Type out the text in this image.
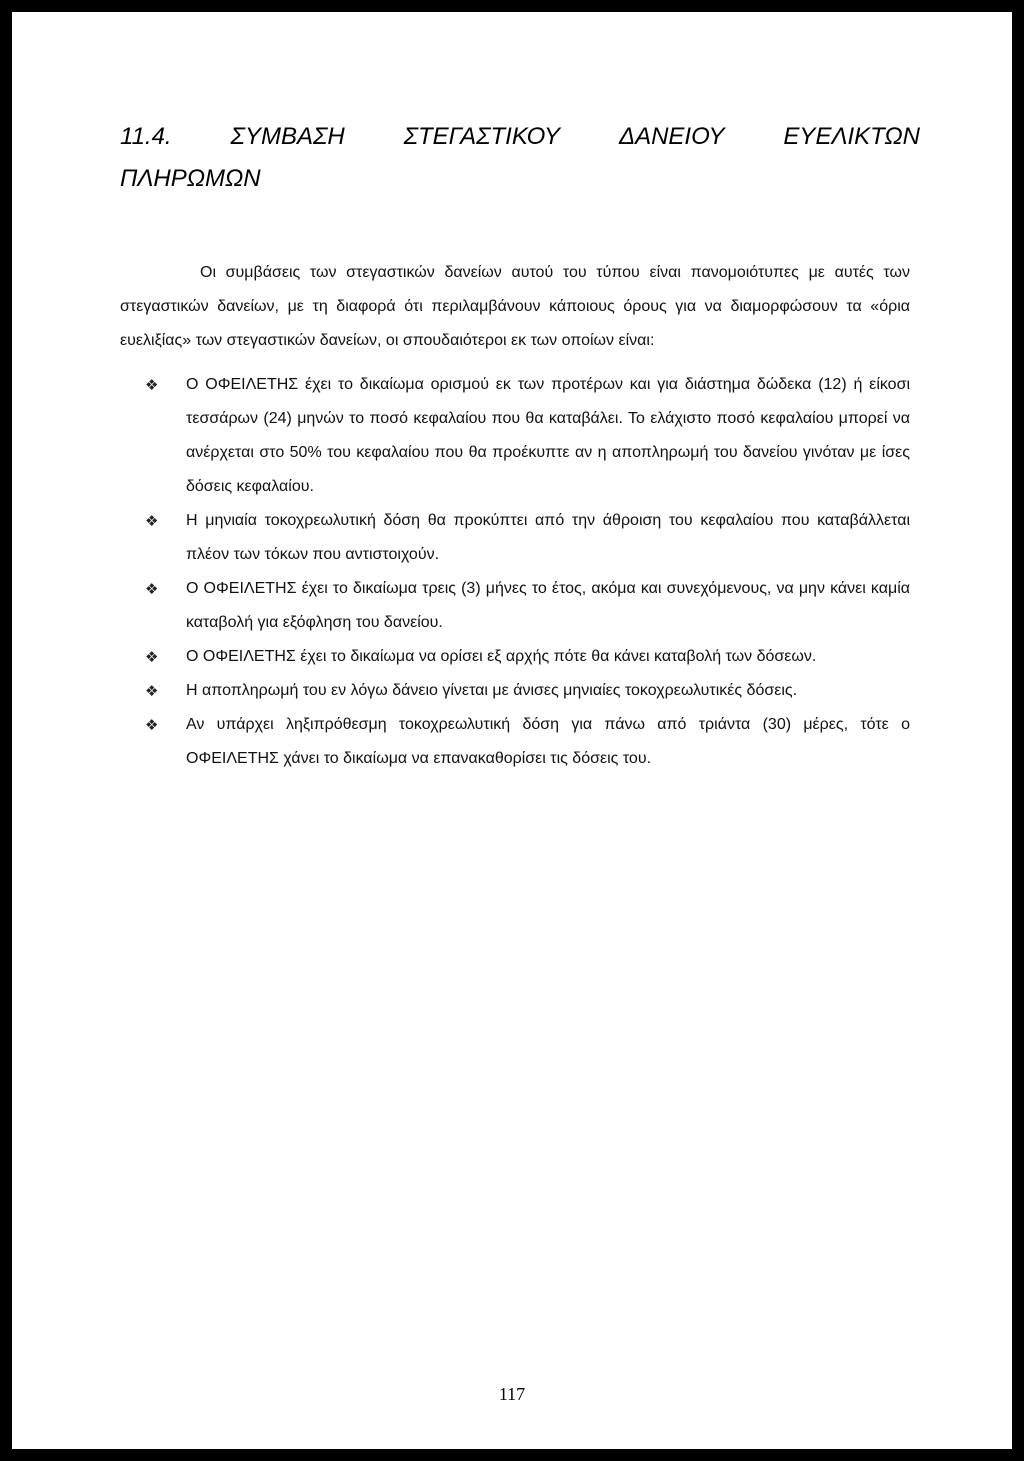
11.4. ΣΥΜΒΑΣΗ ΣΤΕΓΑΣΤΙΚΟΥ ΔΑΝΕΙΟΥ ΕΥΕΛΙΚΤΩΝ
ΠΛΗΡΩΜΩΝ

Οι συμβάσεις των στεγαστικών δανείων αυτού του τύπου είναι πανομοιότυπες με αυτές των στεγαστικών δανείων, με τη διαφορά ότι περιλαμβάνουν κάποιους όρους για να διαμορφώσουν τα «όρια ευελιξίας» των στεγαστικών δανείων, οι σπουδαιότεροι εκ των οποίων είναι:

❖ Ο ΟΦΕΙΛΕΤΗΣ έχει το δικαίωμα ορισμού εκ των προτέρων και για διάστημα δώδεκα (12) ή είκοσι τεσσάρων (24) μηνών το ποσό κεφαλαίου που θα καταβάλει. Το ελάχιστο ποσό κεφαλαίου μπορεί να ανέρχεται στο 50% του κεφαλαίου που θα προέκυπτε αν η αποπληρωμή του δανείου γινόταν με ίσες δόσεις κεφαλαίου.
❖ Η μηνιαία τοκοχρεωλυτική δόση θα προκύπτει από την άθροιση του κεφαλαίου που καταβάλλεται πλέον των τόκων που αντιστοιχούν.
❖ Ο ΟΦΕΙΛΕΤΗΣ έχει το δικαίωμα τρεις (3) μήνες το έτος, ακόμα και συνεχόμενους, να μην κάνει καμία καταβολή για εξόφληση του δανείου.
❖ Ο ΟΦΕΙΛΕΤΗΣ έχει το δικαίωμα να ορίσει εξ αρχής πότε θα κάνει καταβολή των δόσεων.
❖ Η αποπληρωμή του εν λόγω δάνειο γίνεται με άνισες μηνιαίες τοκοχρεωλυτικές δόσεις.
❖ Αν υπάρχει ληξιπρόθεσμη τοκοχρεωλυτική δόση για πάνω από τριάντα (30) μέρες, τότε ο ΟΦΕΙΛΕΤΗΣ χάνει το δικαίωμα να επανακαθορίσει τις δόσεις του.
117
